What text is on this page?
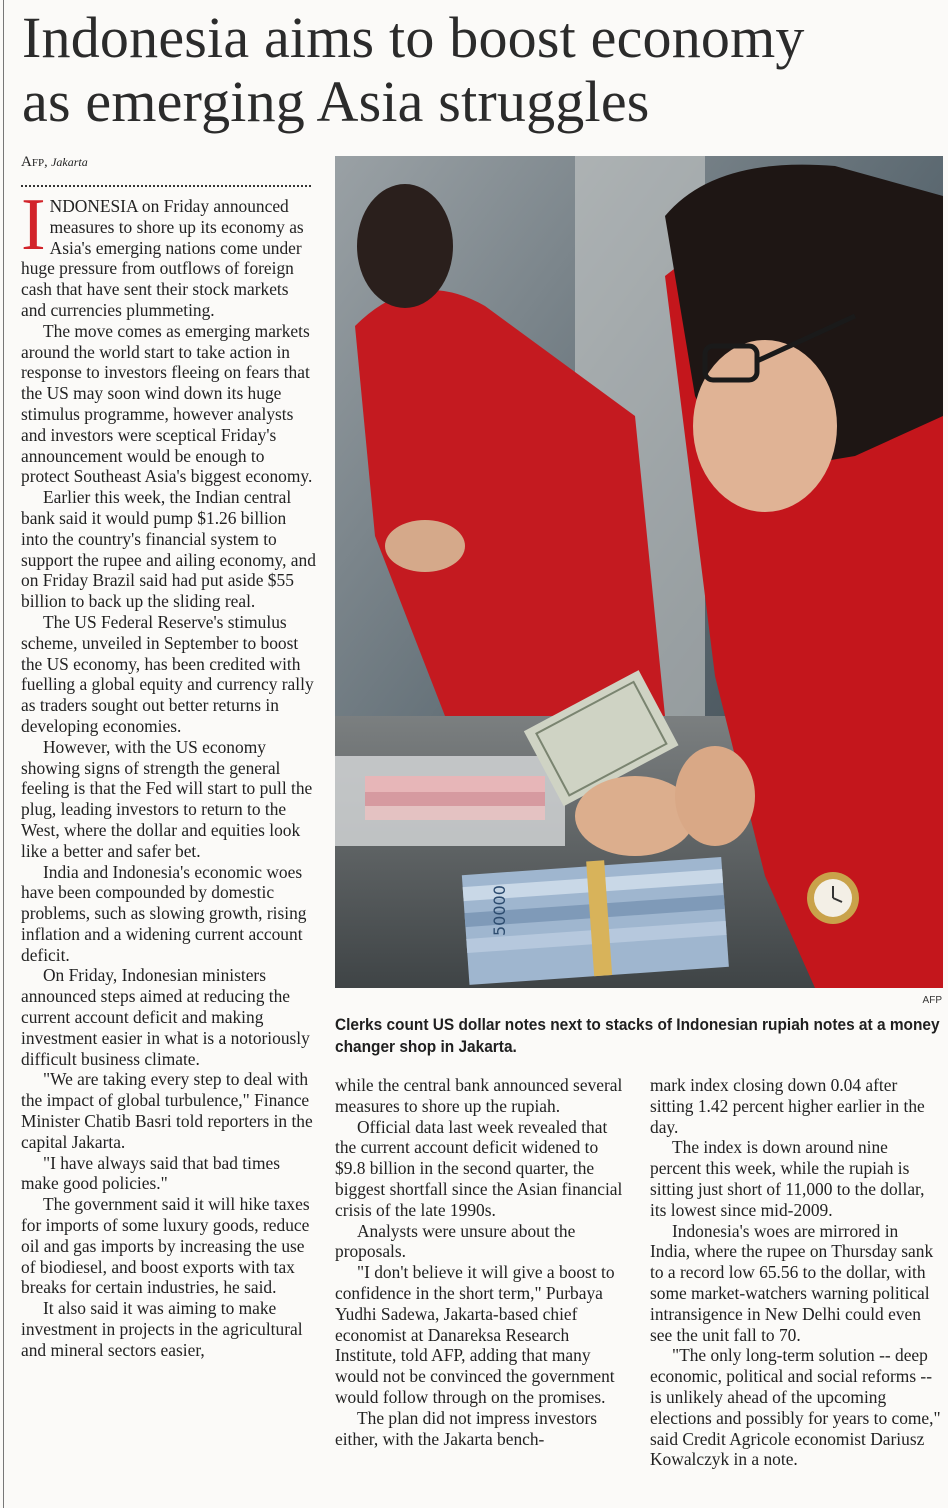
Indonesia aims to boost economy
as emerging Asia struggles
Afp, Jakarta
I NDONESIA on Friday announced measures to shore up its economy as Asia's emerging nations come under huge pressure from outflows of foreign cash that have sent their stock markets and currencies plummeting.

The move comes as emerging markets around the world start to take action in response to investors fleeing on fears that the US may soon wind down its huge stimulus programme, however analysts and investors were sceptical Friday's announcement would be enough to protect Southeast Asia's biggest economy.

Earlier this week, the Indian central bank said it would pump $1.26 billion into the country's financial system to support the rupee and ailing economy, and on Friday Brazil said had put aside $55 billion to back up the sliding real.

The US Federal Reserve's stimulus scheme, unveiled in September to boost the US economy, has been credited with fuelling a global equity and currency rally as traders sought out better returns in developing economies.

However, with the US economy showing signs of strength the general feeling is that the Fed will start to pull the plug, leading investors to return to the West, where the dollar and equities look like a better and safer bet.

India and Indonesia's economic woes have been compounded by domestic problems, such as slowing growth, rising inflation and a widening current account deficit.

On Friday, Indonesian ministers announced steps aimed at reducing the current account deficit and making investment easier in what is a notoriously difficult business climate.

"We are taking every step to deal with the impact of global turbulence," Finance Minister Chatib Basri told reporters in the capital Jakarta.

"I have always said that bad times make good policies."

The government said it will hike taxes for imports of some luxury goods, reduce oil and gas imports by increasing the use of biodiesel, and boost exports with tax breaks for certain industries, he said.

It also said it was aiming to make investment in projects in the agricultural and mineral sectors easier,

50000
AFP

Clerks count US dollar notes next to stacks of Indonesian rupiah notes at a money changer shop in Jakarta.

while the central bank announced several measures to shore up the rupiah.

Official data last week revealed that the current account deficit widened to $9.8 billion in the second quarter, the biggest shortfall since the Asian financial crisis of the late 1990s.

Analysts were unsure about the proposals.

"I don't believe it will give a boost to confidence in the short term," Purbaya Yudhi Sadewa, Jakarta-based chief economist at Danareksa Research Institute, told AFP, adding that many would not be convinced the government would follow through on the promises.

The plan did not impress investors either, with the Jakarta bench-

mark index closing down 0.04 after sitting 1.42 percent higher earlier in the day.

The index is down around nine percent this week, while the rupiah is sitting just short of 11,000 to the dollar, its lowest since mid-2009.

Indonesia's woes are mirrored in India, where the rupee on Thursday sank to a record low 65.56 to the dollar, with some market-watchers warning political intransigence in New Delhi could even see the unit fall to 70.

"The only long-term solution -- deep economic, political and social reforms -- is unlikely ahead of the upcoming elections and possibly for years to come," said Credit Agricole economist Dariusz Kowalczyk in a note.
